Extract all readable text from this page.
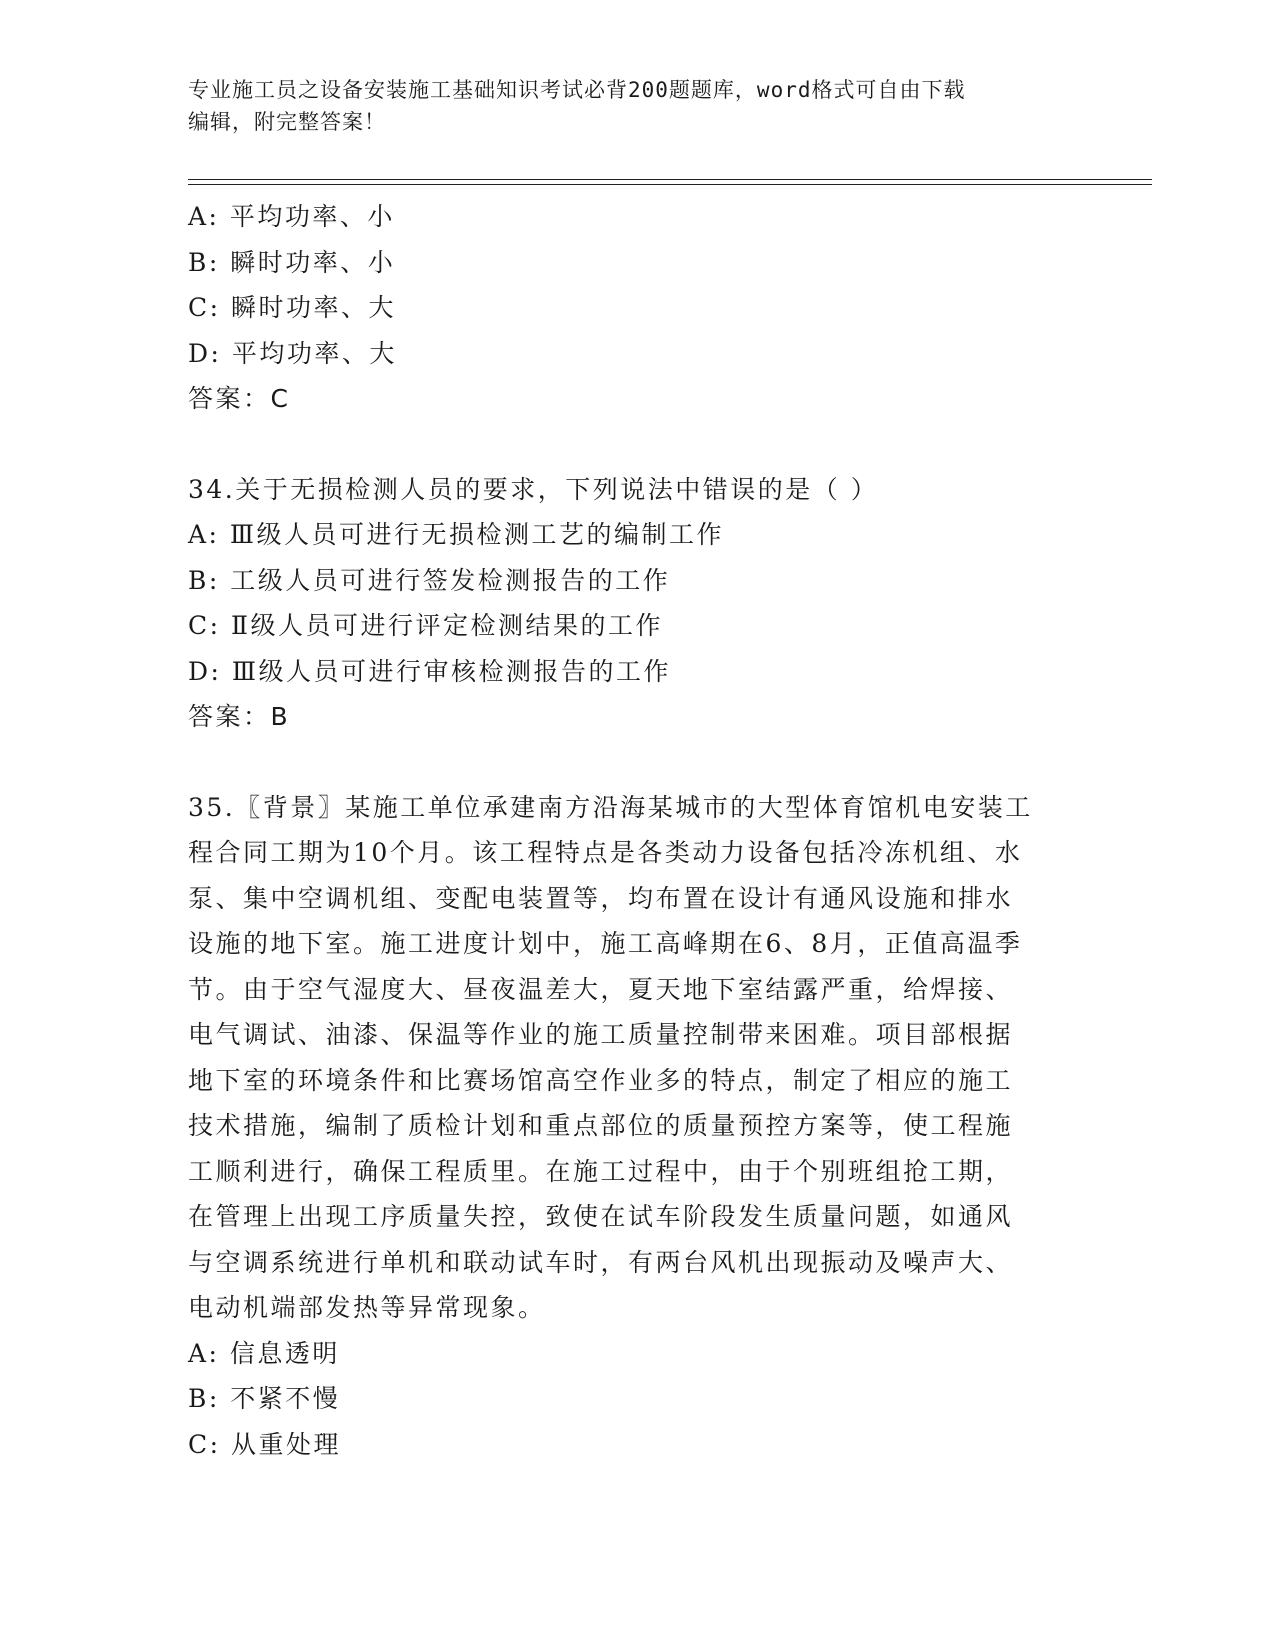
专业施工员之设备安装施工基础知识考试必背200题题库，word格式可自由下载
编辑，附完整答案！
A: 平均功率、小
B: 瞬时功率、小
C: 瞬时功率、大
D: 平均功率、大
答案：C
34.关于无损检测人员的要求，下列说法中错误的是（ ）
A: Ⅲ级人员可进行无损检测工艺的编制工作
B: 工级人员可进行签发检测报告的工作
C: Ⅱ级人员可进行评定检测结果的工作
D: Ⅲ级人员可进行审核检测报告的工作
答案：B
35.〖背景〗某施工单位承建南方沿海某城市的大型体育馆机电安装工
程合同工期为10个月。该工程特点是各类动力设备包括冷冻机组、水
泵、集中空调机组、变配电装置等，均布置在设计有通风设施和排水
设施的地下室。施工进度计划中，施工高峰期在6、8月，正值高温季
节。由于空气湿度大、昼夜温差大，夏天地下室结露严重，给焊接、
电气调试、油漆、保温等作业的施工质量控制带来困难。项目部根据
地下室的环境条件和比赛场馆高空作业多的特点，制定了相应的施工
技术措施，编制了质检计划和重点部位的质量预控方案等，使工程施
工顺利进行，确保工程质里。在施工过程中，由于个别班组抢工期，
在管理上出现工序质量失控，致使在试车阶段发生质量问题，如通风
与空调系统进行单机和联动试车时，有两台风机出现振动及噪声大、
电动机端部发热等异常现象。
A: 信息透明
B: 不紧不慢
C: 从重处理
